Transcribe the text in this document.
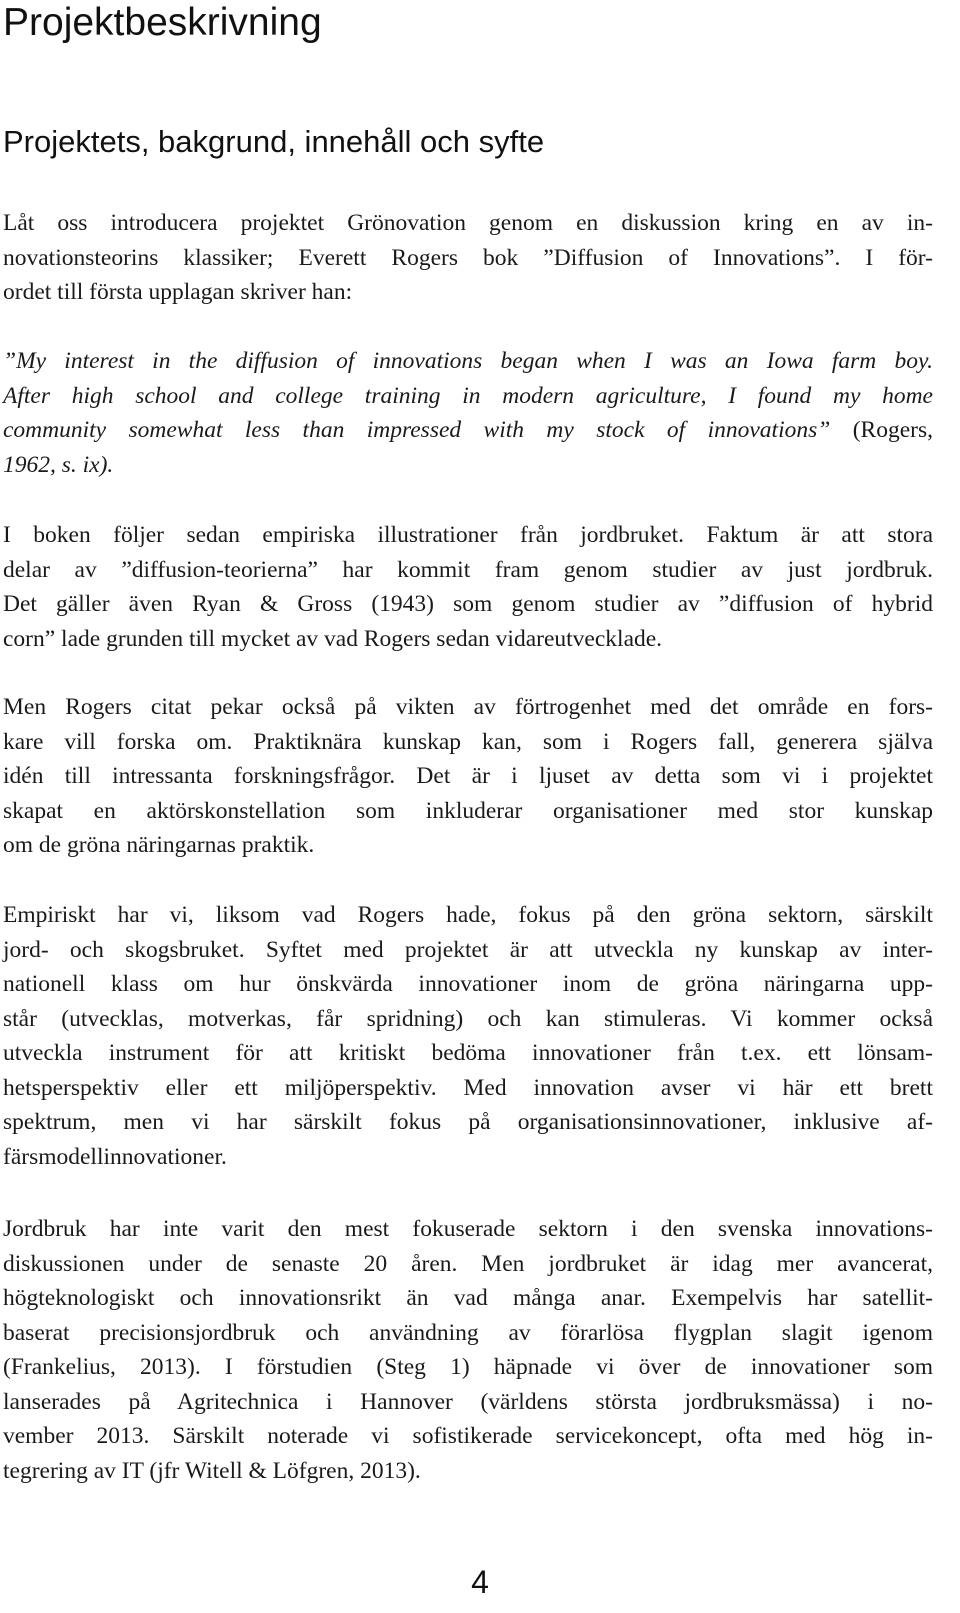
Projektbeskrivning
Projektets, bakgrund, innehåll och syfte
Låt oss introducera projektet Grönovation genom en diskussion kring en av in-
novationsteorins klassiker; Everett Rogers bok ”Diffusion of Innovations”. I för-
ordet till första upplagan skriver han:
”My interest in the diffusion of innovations began when I was an Iowa farm boy.
After high school and college training in modern agriculture, I found my home
community somewhat less than impressed with my stock of innovations” (Rogers,
1962, s. ix).
I boken följer sedan empiriska illustrationer från jordbruket. Faktum är att stora
delar av ”diffusion-teorierna” har kommit fram genom studier av just jordbruk.
Det gäller även Ryan & Gross (1943) som genom studier av ”diffusion of hybrid
corn” lade grunden till mycket av vad Rogers sedan vidareutvecklade.
Men Rogers citat pekar också på vikten av förtrogenhet med det område en fors-
kare vill forska om. Praktiknära kunskap kan, som i Rogers fall, generera själva
idén till intressanta forskningsfrågor. Det är i ljuset av detta som vi i projektet
skapat en aktörskonstellation som inkluderar organisationer med stor kunskap
om de gröna näringarnas praktik.
Empiriskt har vi, liksom vad Rogers hade, fokus på den gröna sektorn, särskilt
jord- och skogsbruket. Syftet med projektet är att utveckla ny kunskap av inter-
nationell klass om hur önskvärda innovationer inom de gröna näringarna upp-
står (utvecklas, motverkas, får spridning) och kan stimuleras. Vi kommer också
utveckla instrument för att kritiskt bedöma innovationer från t.ex. ett lönsam-
hetsperspektiv eller ett miljöperspektiv. Med innovation avser vi här ett brett
spektrum, men vi har särskilt fokus på organisationsinnovationer, inklusive af-
färsmodellinnovationer.
Jordbruk har inte varit den mest fokuserade sektorn i den svenska innovations-
diskussionen under de senaste 20 åren. Men jordbruket är idag mer avancerat,
högteknologiskt och innovationsrikt än vad många anar. Exempelvis har satellit-
baserat precisionsjordbruk och användning av förarlösa flygplan slagit igenom
(Frankelius, 2013). I förstudien (Steg 1) häpnade vi över de innovationer som
lanserades på Agritechnica i Hannover (världens största jordbruksmässa) i no-
vember 2013. Särskilt noterade vi sofistikerade servicekoncept, ofta med hög in-
tegrering av IT (jfr Witell & Löfgren, 2013).
4
